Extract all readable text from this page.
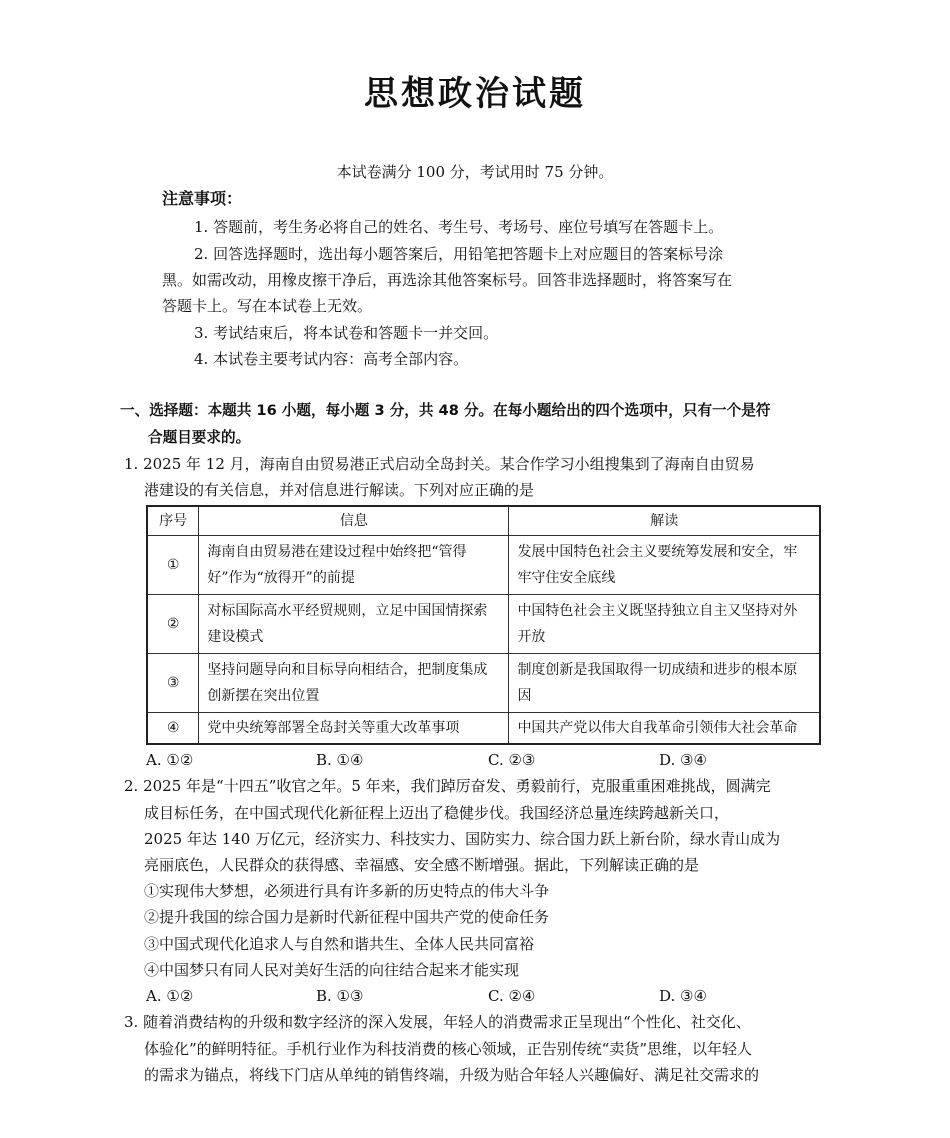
思想政治试题
本试卷满分 100 分，考试用时 75 分钟。
注意事项：
1. 答题前，考生务必将自己的姓名、考生号、考场号、座位号填写在答题卡上。
2. 回答选择题时，选出每小题答案后，用铅笔把答题卡上对应题目的答案标号涂
黑。如需改动，用橡皮擦干净后，再选涂其他答案标号。回答非选择题时，将答案写在
答题卡上。写在本试卷上无效。
3. 考试结束后，将本试卷和答题卡一并交回。
4. 本试卷主要考试内容：高考全部内容。
一、选择题：本题共 16 小题，每小题 3 分，共 48 分。在每小题给出的四个选项中，只有一个是符
合题目要求的。
1. 2025 年 12 月，海南自由贸易港正式启动全岛封关。某合作学习小组搜集到了海南自由贸易
港建设的有关信息，并对信息进行解读。下列对应正确的是
序号	信息	解读
①	海南自由贸易港在建设过程中始终把“管得好”作为“放得开”的前提	发展中国特色社会主义要统筹发展和安全，牢牢守住安全底线
②	对标国际高水平经贸规则，立足中国国情探索建设模式	中国特色社会主义既坚持独立自主又坚持对外开放
③	坚持问题导向和目标导向相结合，把制度集成创新摆在突出位置	制度创新是我国取得一切成绩和进步的根本原因
④	党中央统筹部署全岛封关等重大改革事项	中国共产党以伟大自我革命引领伟大社会革命
A. ①②	B. ①④	C. ②③	D. ③④
2. 2025 年是“十四五”收官之年。5 年来，我们踔厉奋发、勇毅前行，克服重重困难挑战，圆满完
成目标任务，在中国式现代化新征程上迈出了稳健步伐。我国经济总量连续跨越新关口，
2025 年达 140 万亿元，经济实力、科技实力、国防实力、综合国力跃上新台阶，绿水青山成为
亮丽底色，人民群众的获得感、幸福感、安全感不断增强。据此，下列解读正确的是
①实现伟大梦想，必须进行具有许多新的历史特点的伟大斗争
②提升我国的综合国力是新时代新征程中国共产党的使命任务
③中国式现代化追求人与自然和谐共生、全体人民共同富裕
④中国梦只有同人民对美好生活的向往结合起来才能实现
A. ①②	B. ①③	C. ②④	D. ③④
3. 随着消费结构的升级和数字经济的深入发展，年轻人的消费需求正呈现出“个性化、社交化、
体验化”的鲜明特征。手机行业作为科技消费的核心领域，正告别传统“卖货”思维，以年轻人
的需求为锚点，将线下门店从单纯的销售终端，升级为贴合年轻人兴趣偏好、满足社交需求的
